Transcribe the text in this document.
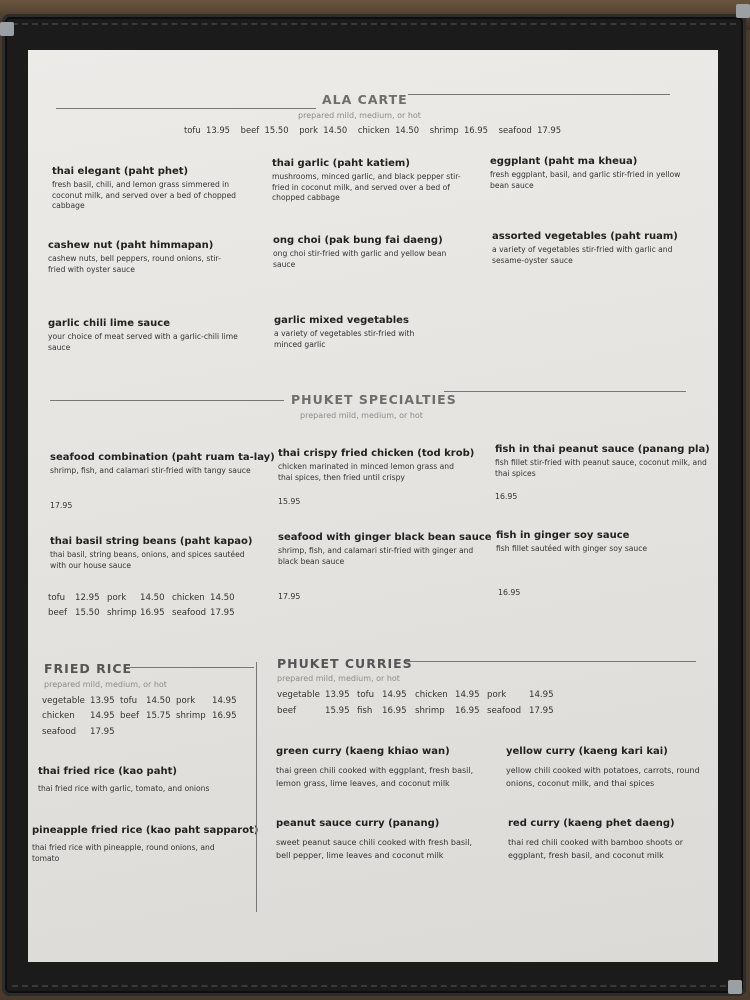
ALA CARTE
prepared mild, medium, or hot
tofu 13.95 beef 15.50 pork 14.50 chicken 14.50 shrimp 16.95 seafood 17.95
thai elegant (paht phet)
fresh basil, chili, and lemon grass simmered in coconut milk, and served over a bed of chopped cabbage
thai garlic (paht katiem)
mushrooms, minced garlic, and black pepper stir-fried in coconut milk, and served over a bed of chopped cabbage
eggplant (paht ma kheua)
fresh eggplant, basil, and garlic stir-fried in yellow bean sauce
cashew nut (paht himmapan)
cashew nuts, bell peppers, round onions, stir-fried with oyster sauce
ong choi (pak bung fai daeng)
ong choi stir-fried with garlic and yellow bean sauce
assorted vegetables (paht ruam)
a variety of vegetables stir-fried with garlic and sesame-oyster sauce
garlic chili lime sauce
your choice of meat served with a garlic-chili lime sauce
garlic mixed vegetables
a variety of vegetables stir-fried with minced garlic
PHUKET SPECIALTIES
prepared mild, medium, or hot
seafood combination (paht ruam ta-lay)
shrimp, fish, and calamari stir-fried with tangy sauce
17.95
thai crispy fried chicken (tod krob)
chicken marinated in minced lemon grass and thai spices, then fried until crispy
15.95
fish in thai peanut sauce (panang pla)
fish fillet stir-fried with peanut sauce, coconut milk, and thai spices
16.95
thai basil string beans (paht kapao)
thai basil, string beans, onions, and spices sautéed with our house sauce
tofu 12.95 pork 14.50 chicken 14.50
beef 15.50 shrimp 16.95 seafood 17.95
seafood with ginger black bean sauce
shrimp, fish, and calamari stir-fried with ginger and black bean sauce
17.95
fish in ginger soy sauce
fish fillet sautéed with ginger soy sauce
16.95
FRIED RICE
prepared mild, medium, or hot
vegetable 13.95 tofu 14.50 pork 14.95
chicken 14.95 beef 15.75 shrimp 16.95
seafood 17.95
thai fried rice (kao paht)
thai fried rice with garlic, tomato, and onions
pineapple fried rice (kao paht sapparot)
thai fried rice with pineapple, round onions, and tomato
PHUKET CURRIES
prepared mild, medium, or hot
vegetable 13.95 tofu 14.95 chicken 14.95 pork	14.95
beef	15.95 fish 16.95 shrimp 16.95 seafood 17.95
green curry (kaeng khiao wan)
thai green chili cooked with eggplant, fresh basil, lemon grass, lime leaves, and coconut milk
yellow curry (kaeng kari kai)
yellow chili cooked with potatoes, carrots, round onions, coconut milk, and thai spices
peanut sauce curry (panang)
sweet peanut sauce chili cooked with fresh basil, bell pepper, lime leaves and coconut milk
red curry (kaeng phet daeng)
thai red chili cooked with bamboo shoots or eggplant, fresh basil, and coconut milk
